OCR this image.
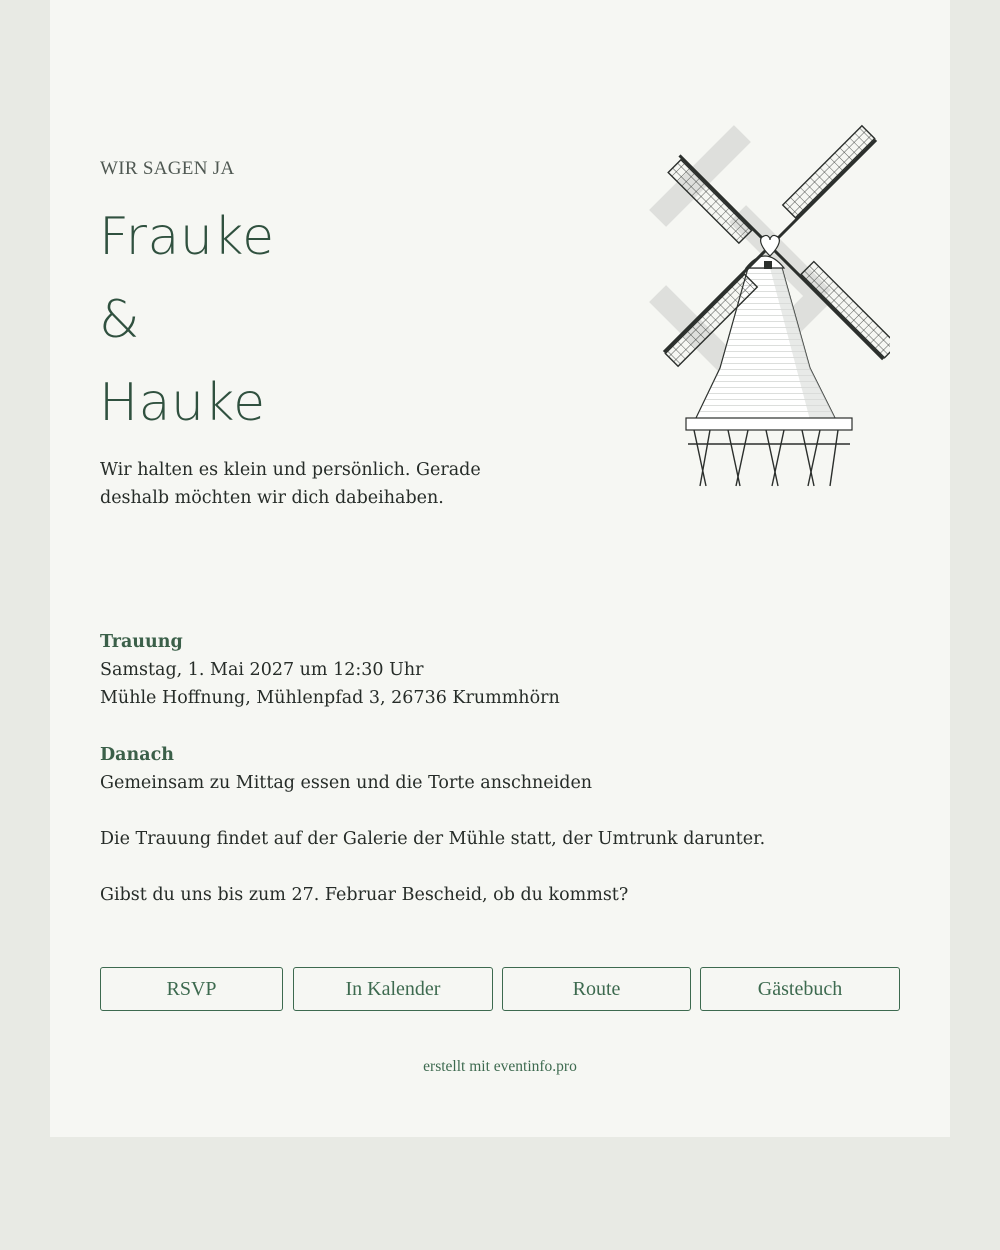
WIR SAGEN JA
Frauke
&
Hauke
Wir halten es klein und persönlich. Gerade deshalb möchten wir dich dabeihaben.
Trauung
Samstag, 1. Mai 2027 um 12:30 Uhr
Mühle Hoffnung, Mühlenpfad 3, 26736 Krummhörn
Danach
Gemeinsam zu Mittag essen und die Torte anschneiden
Die Trauung findet auf der Galerie der Mühle statt, der Umtrunk darunter.
Gibst du uns bis zum 27. Februar Bescheid, ob du kommst?
RSVP	In Kalender	Route	Gästebuch
erstellt mit eventinfo.pro
